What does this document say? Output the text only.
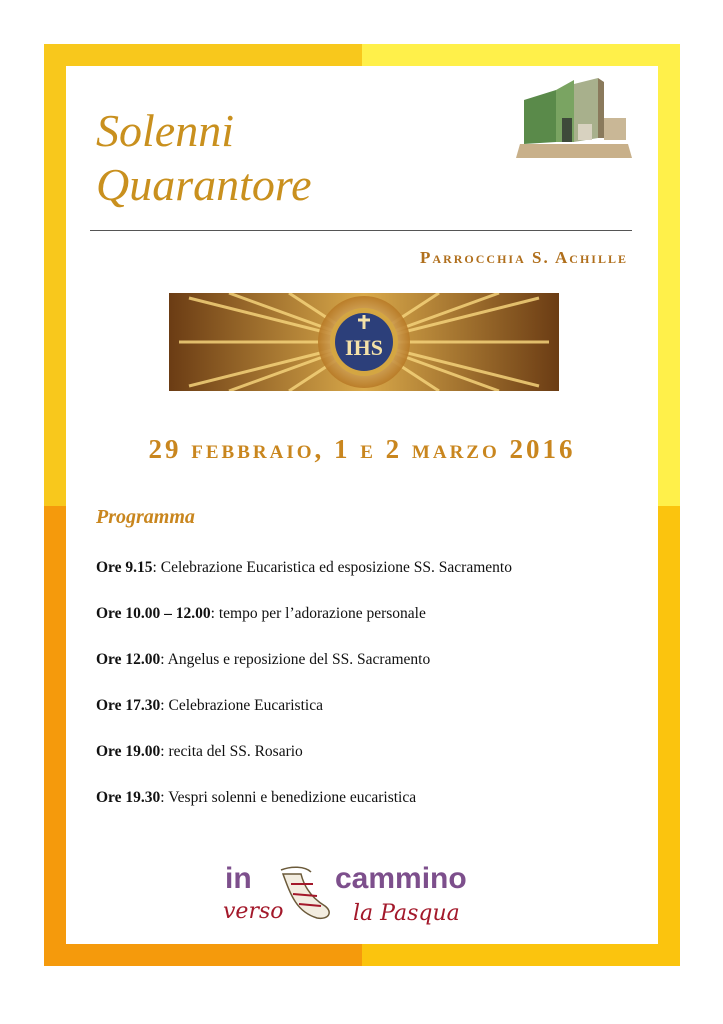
Solenni
Quarantore

Parrocchia S. Achille

IHS

29 febbraio, 1 e 2 marzo 2016

Programma
Ore 9.15: Celebrazione Eucaristica ed esposizione SS. Sacramento
Ore 10.00 – 12.00: tempo per l’adorazione personale
Ore 12.00: Angelus e reposizione del SS. Sacramento
Ore 17.30: Celebrazione Eucaristica
Ore 19.00: recita del SS. Rosario
Ore 19.30: Vespri solenni e benedizione eucaristica
in	cammino
verso	la Pasqua
